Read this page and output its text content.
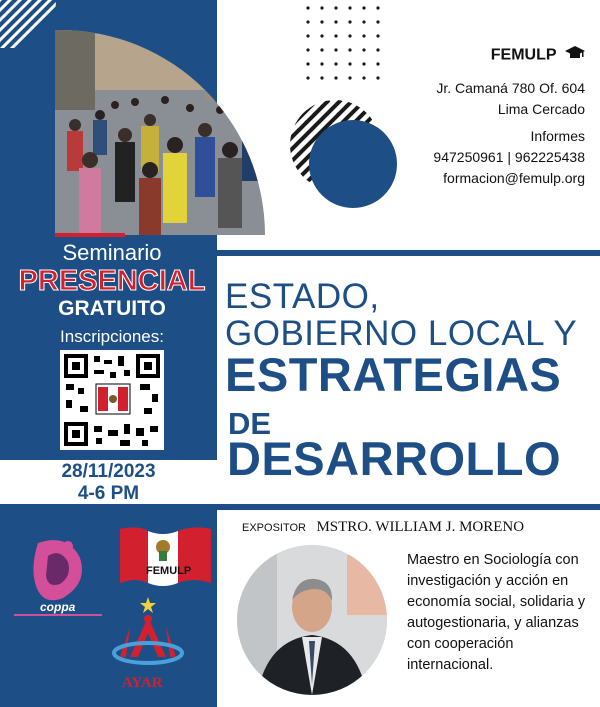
Seminario
PRESENCIAL
GRATUITO
Inscripciones:
28/11/2023
4-6 PM
coppa
FEMULP
AYAR
FEMULP
Jr. Camaná 780 Of. 604
Lima Cercado
Informes
947250961 | 962225438
formacion@femulp.org
ESTADO,
GOBIERNO LOCAL Y
ESTRATEGIAS
DE
DESARROLLO
EXPOSITOR MSTRO. WILLIAM J. MORENO
Maestro en Sociología con investigación y acción en economía social, solidaria y autogestionaria, y alianzas con cooperación internacional.
